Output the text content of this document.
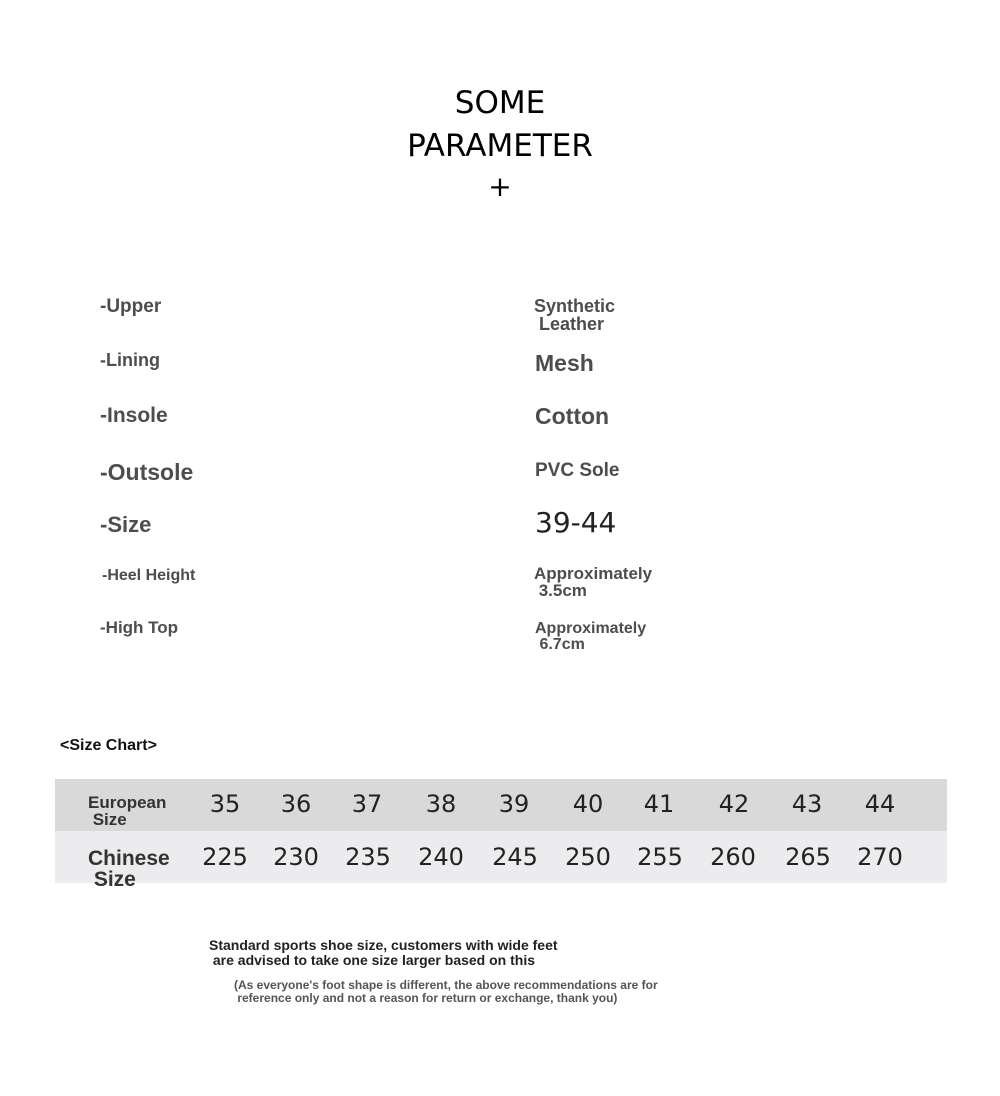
SOME
PARAMETER
+
-Upper	Synthetic
Leather
-Lining	Mesh
-Insole	Cotton
-Outsole	PVC Sole
-Size	39-44
-Heel Height	Approximately
3.5cm
-High Top	Approximately
6.7cm
<Size Chart>
European
Size
35	36	37	38	39	40	41	42	43	44
Chinese
Size
225 230 235 240 245 250 255 260 265 270
Standard sports shoe size, customers with wide feet
are advised to take one size larger based on this
(As everyone's foot shape is different, the above recommendations are for
reference only and not a reason for return or exchange, thank you)
